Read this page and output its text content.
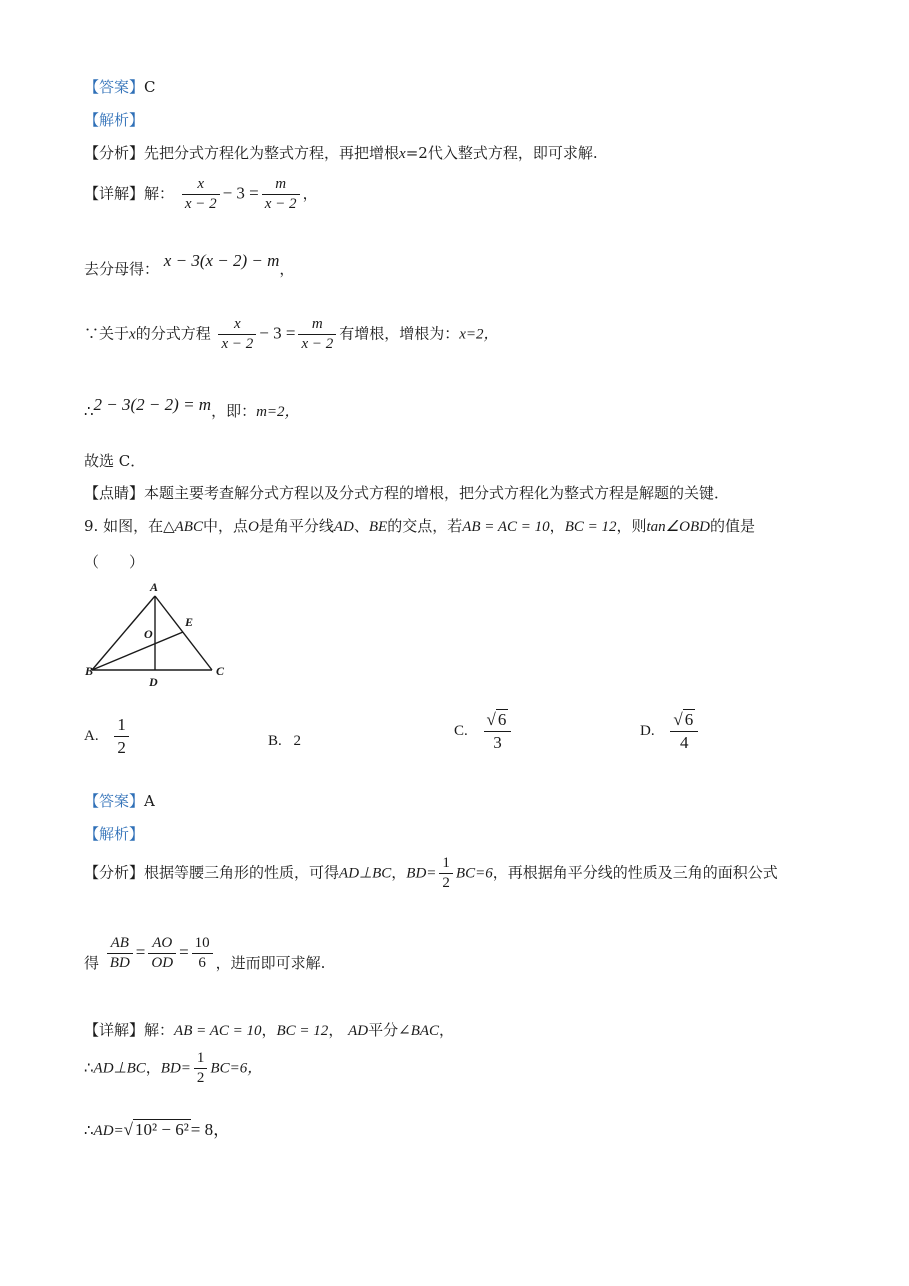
【答案】C
【解析】
【分析】先把分式方程化为整式方程，再把增根x=2代入整式方程，即可求解.
【详解】解： $\frac{x}{x - 2} - 3 = \frac{m}{x - 2}$ ，
去分母得： x − 3(x − 2) − m，
∵关于x的分式方程 $\frac{x}{x - 2} - 3 = \frac{m}{x - 2}$ 有增根，增根为：x=2，
∴2 − 3(2 − 2) = m，即：m=2，
故选 C．
【点睛】本题主要考查解分式方程以及分式方程的增根，把分式方程化为整式方程是解题的关键．
9. 如图，在△ABC中，点O是角平分线AD、BE的交点，若AB = AC = 10，BC = 12，则tan∠OBD的值是
（　　）
A
B	C
D
E
O
A. $\frac{1}{2}$	B. 2
C. $\frac{√ 6}{3}$	D. $\frac{√ 6}{4}$
【答案】A
【解析】
【分析】根据等腰三角形的性质，可得AD⊥BC，$BD= \frac{1}{2} BC=6$，再根据角平分线的性质及三角的面积公式
得 $\frac{AB}{BD} = \frac{AO}{OD} = \frac{10}{6}$ ，进而即可求解.
【详解】解：AB = AC = 10，BC = 12， AD平分∠BAC，
∴AD⊥BC，$BD= \frac{1}{2} BC=6$，
∴AD=√ 10² − 6² = 8，
